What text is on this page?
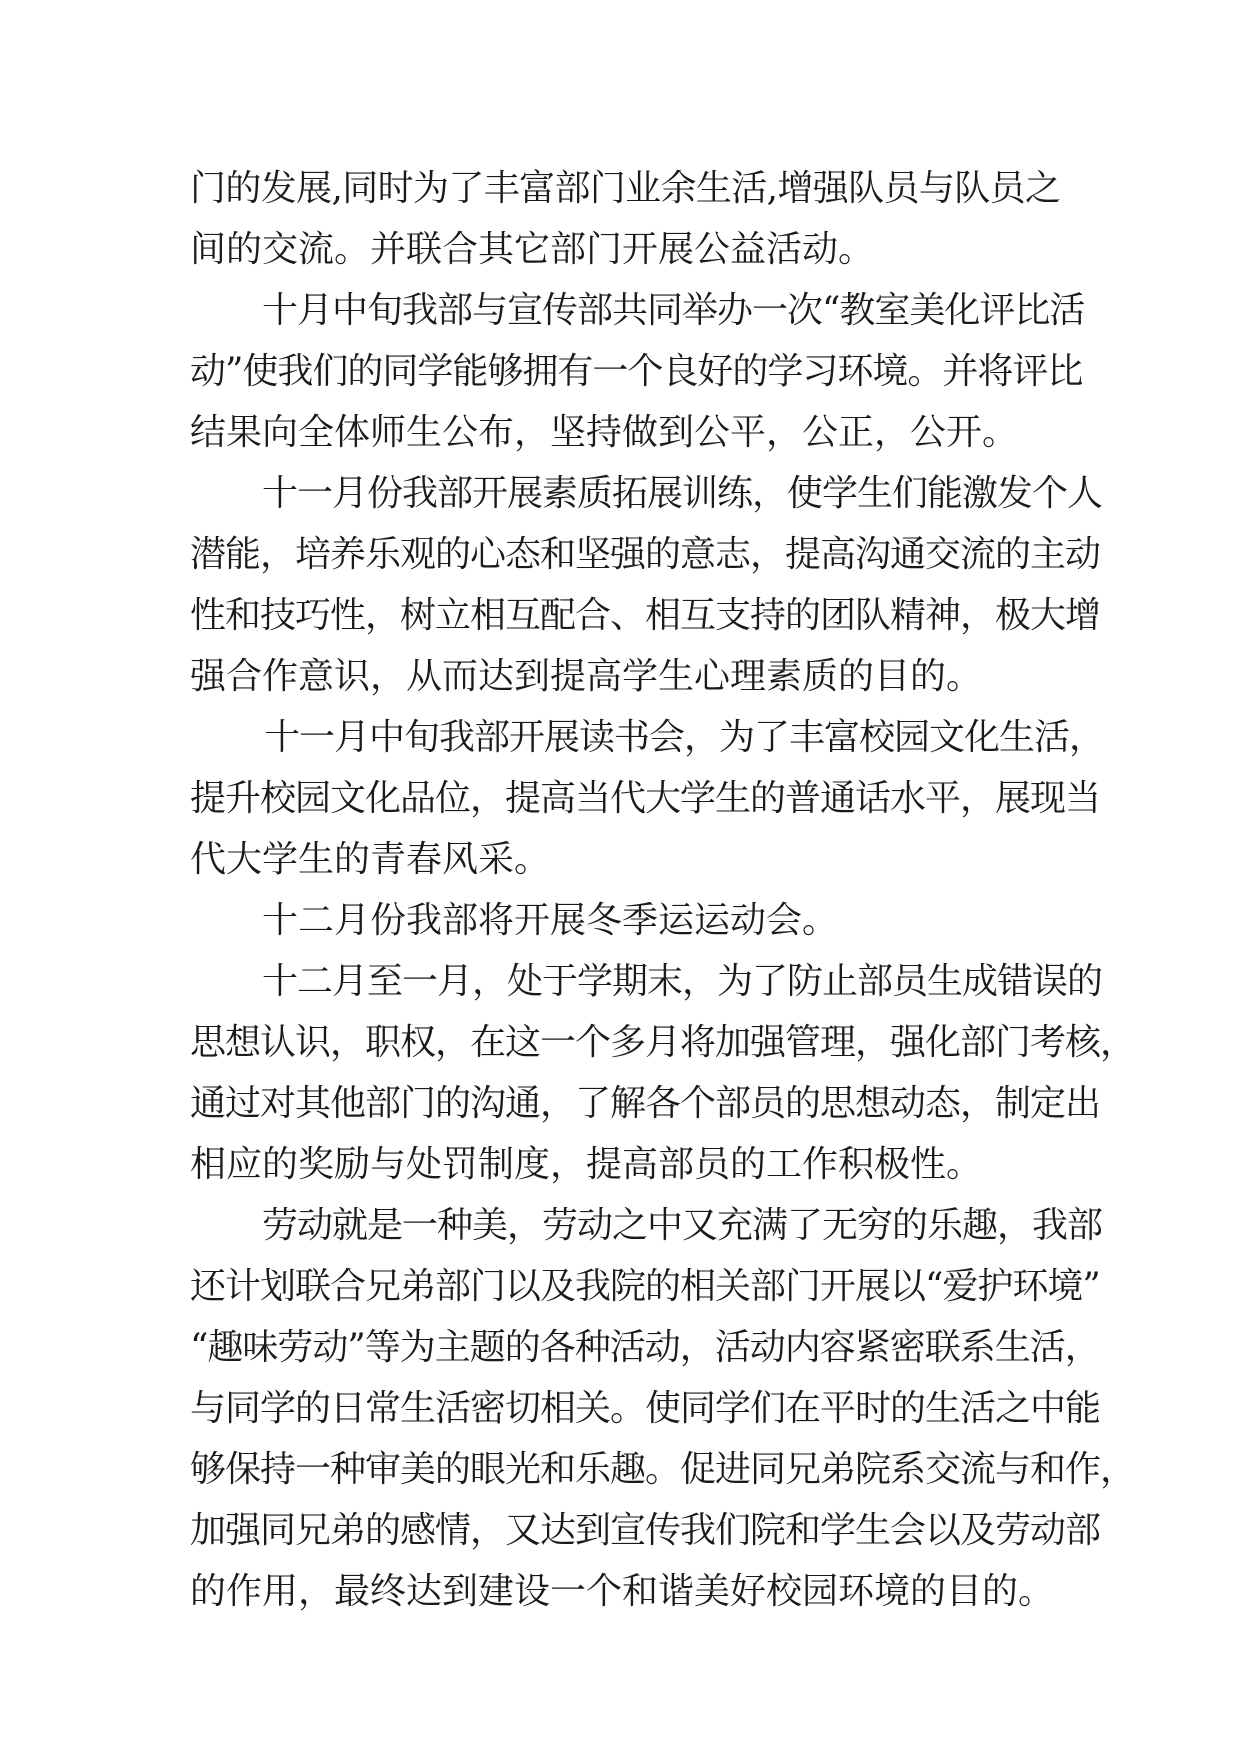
门的发展,同时为了丰富部门业余生活,增强队员与队员之
间的交流。并联合其它部门开展公益活动。
十月中旬我部与宣传部共同举办一次“教室美化评比活
动”使我们的同学能够拥有一个良好的学习环境。并将评比
结果向全体师生公布，坚持做到公平，公正，公开。
十一月份我部开展素质拓展训练，使学生们能激发个人
潜能，培养乐观的心态和坚强的意志，提高沟通交流的主动
性和技巧性，树立相互配合、相互支持的团队精神，极大增
强合作意识，从而达到提高学生心理素质的目的。
十一月中旬我部开展读书会，为了丰富校园文化生活，
提升校园文化品位，提高当代大学生的普通话水平，展现当
代大学生的青春风采。
十二月份我部将开展冬季运运动会。
十二月至一月，处于学期末，为了防止部员生成错误的
思想认识，职权，在这一个多月将加强管理，强化部门考核，
通过对其他部门的沟通，了解各个部员的思想动态，制定出
相应的奖励与处罚制度，提高部员的工作积极性。
劳动就是一种美，劳动之中又充满了无穷的乐趣，我部
还计划联合兄弟部门以及我院的相关部门开展以“爱护环境”
“趣味劳动”等为主题的各种活动，活动内容紧密联系生活，
与同学的日常生活密切相关。使同学们在平时的生活之中能
够保持一种审美的眼光和乐趣。促进同兄弟院系交流与和作，
加强同兄弟的感情，又达到宣传我们院和学生会以及劳动部
的作用，最终达到建设一个和谐美好校园环境的目的。
